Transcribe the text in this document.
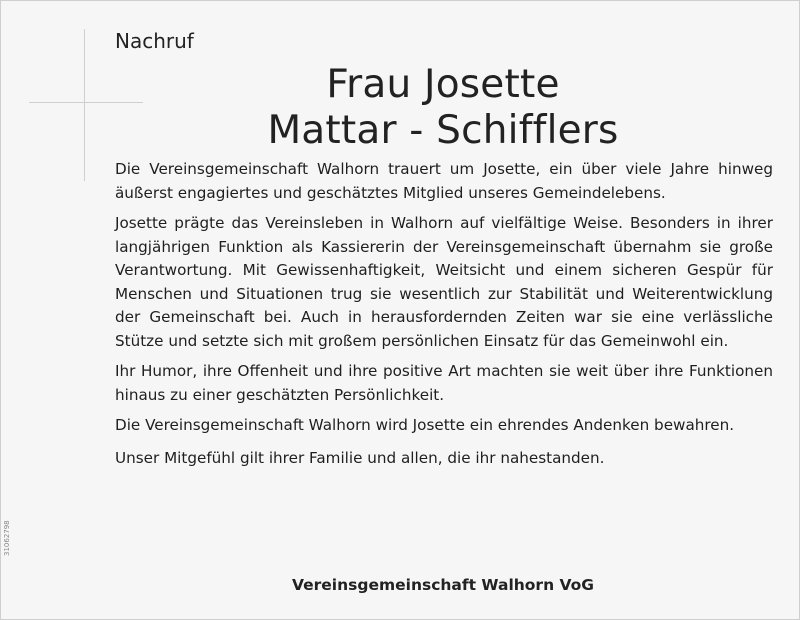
Nachruf
Frau Josette
Mattar - Schifflers

Die Vereinsgemeinschaft Walhorn trauert um Josette, ein über viele Jahre hinweg äußerst engagiertes und geschätztes Mitglied unseres Gemeindelebens.

Josette prägte das Vereinsleben in Walhorn auf vielfältige Weise. Besonders in ihrer langjährigen Funktion als Kassiererin der Vereinsgemeinschaft übernahm sie große Verantwortung. Mit Gewissenhaftigkeit, Weitsicht und einem sicheren Gespür für Menschen und Situationen trug sie wesentlich zur Stabilität und Weiterentwicklung der Gemeinschaft bei. Auch in herausfordernden Zeiten war sie eine verlässliche Stütze und setzte sich mit großem persönlichen Einsatz für das Gemeinwohl ein.

Ihr Humor, ihre Offenheit und ihre positive Art machten sie weit über ihre Funktionen hinaus zu einer geschätzten Persönlichkeit.

Die Vereinsgemeinschaft Walhorn wird Josette ein ehrendes Andenken bewahren.

Unser Mitgefühl gilt ihrer Familie und allen, die ihr nahestanden.

Vereinsgemeinschaft Walhorn VoG
31062798
